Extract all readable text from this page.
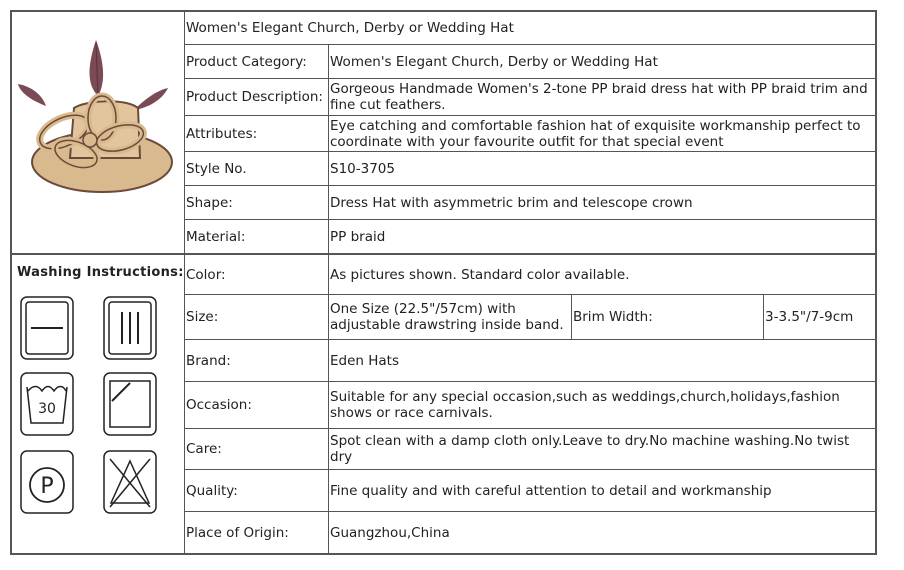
Women's Elegant Church, Derby or Wedding Hat
Product Category:
Product Description:
Attributes:
Style No.
Shape:
Material:
Color:
Size:
Brand:
Occasion:
Care:
Quality:
Place of Origin:
Women's Elegant Church, Derby or Wedding Hat
Gorgeous Handmade Women's 2-tone PP braid dress hat with PP braid trim and fine cut feathers.
Eye catching and comfortable fashion hat of exquisite workmanship perfect to coordinate with your favourite outfit for that special event
S10-3705
Dress Hat with asymmetric brim and telescope crown
PP braid
As pictures shown. Standard color available.
One Size (22.5"/57cm) with adjustable drawstring inside band. Brim Width:	3-3.5"/7-9cm
Eden Hats
Suitable for any special occasion,such as weddings,church,holidays,fashion shows or race carnivals.
Spot clean with a damp cloth only.Leave to dry.No machine washing.No twist dry
Fine quality and with careful attention to detail and workmanship
Guangzhou,China
Washing Instructions:
30
P
